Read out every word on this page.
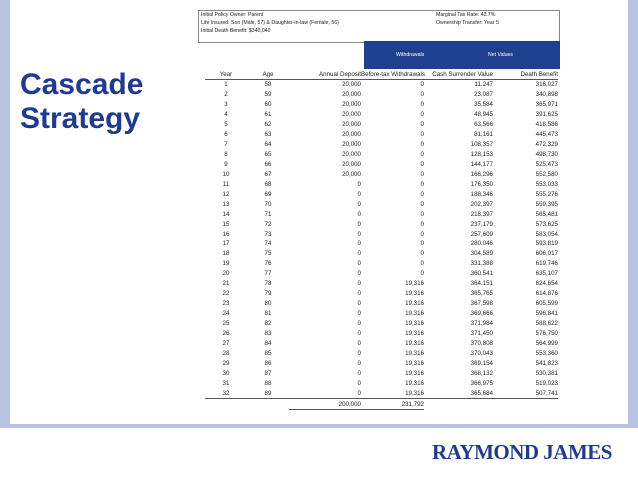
Cascade
Strategy
Initial Policy Owner: Parent
Life Insured: Son (Male, 57) & Daughter-in-law (Female, 56)
Initial Death Benefit: $340,040
Marginal Tax Rate: 43.7%
Ownership Transfer: Year 5
Withdrawals	Net Values
Year	Age	Annual Deposit	Before-tax Withdrawals	Cash Surrender Value	Death Benefit
1	58	20,000	0	11,247	316,027
2	59	20,000	0	23,087	340,898
3	60	20,000	0	35,584	365,971
4	61	20,000	0	48,945	391,625
5	62	20,000	0	63,566	418,586
6	63	20,000	0	81,161	445,473
7	64	20,000	0	108,357	472,329
8	65	20,000	0	128,153	498,730
9	66	20,000	0	144,177	525,473
10	67	20,000	0	166,296	552,580
11	68	0	0	176,350	553,033
12	69	0	0	188,346	555,276
13	70	0	0	202,397	559,395
14	71	0	0	218,397	565,481
15	72	0	0	237,179	573,625
16	73	0	0	257,609	583,054
17	74	0	0	280,046	593,819
18	75	0	0	304,589	606,017
19	76	0	0	331,388	619,746
20	77	0	0	360,541	635,107
21	78	0	19,316	364,151	624,654
22	79	0	19,316	365,765	614,876
23	80	0	19,316	367,598	605,599
24	81	0	19,316	369,666	596,841
25	82	0	19,316	371,984	588,622
26	83	0	19,316	371,450	576,750
27	84	0	19,316	370,808	564,999
28	85	0	19,316	370,043	553,360
29	86	0	19,316	369,154	541,823
30	87	0	19,316	368,132	530,381
31	88	0	19,316	366,975	519,023
32	89	0	19,316	365,684	507,741
		200,000	231,792		
RAYMOND JAMES
